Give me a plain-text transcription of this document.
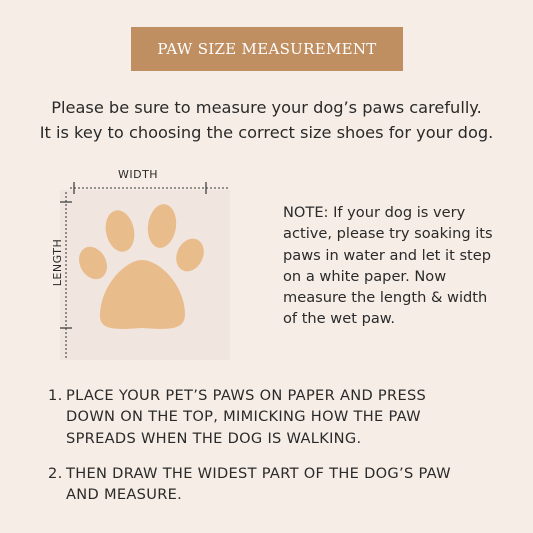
PAW SIZE MEASUREMENT
Please be sure to measure your dog’s paws carefully.
It is key to choosing the correct size shoes for your dog.
WIDTH
LENGTH
NOTE: If your dog is very
active, please try soaking its
paws in water and let it step
on a white paper. Now
measure the length & width
of the wet paw.
1. PLACE YOUR PET’S PAWS ON PAPER AND PRESS
DOWN ON THE TOP, MIMICKING HOW THE PAW
SPREADS WHEN THE DOG IS WALKING.
2. THEN DRAW THE WIDEST PART OF THE DOG’S PAW
AND MEASURE.
